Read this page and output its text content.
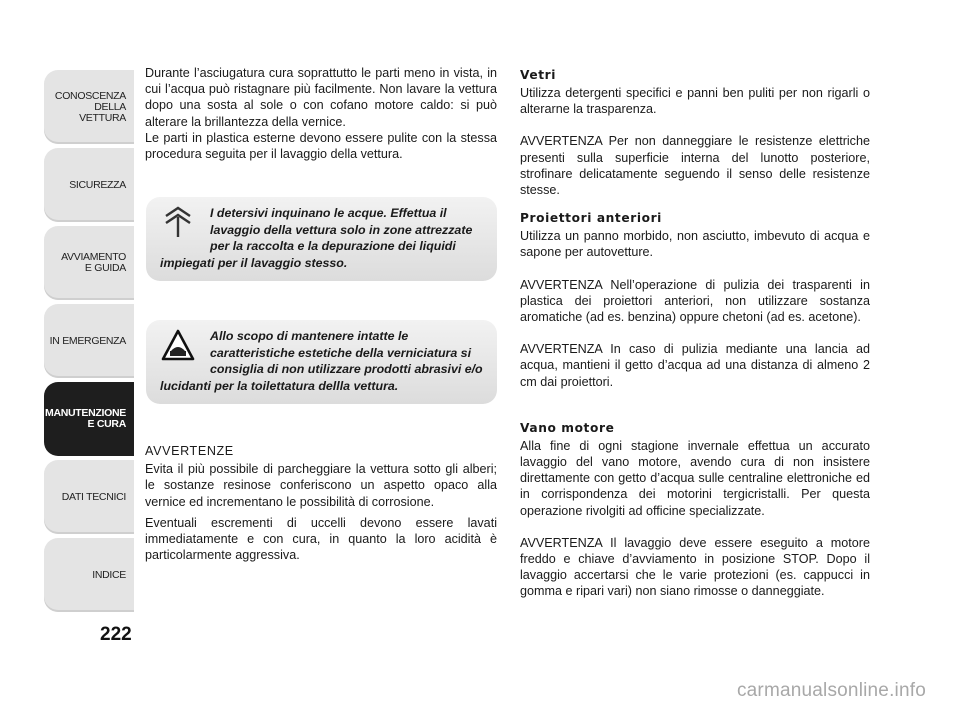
CONOSCENZA
DELLA
VETTURA
SICUREZZA
AVVIAMENTO
E GUIDA
IN EMERGENZA
MANUTENZIONE
E CURA
DATI TECNICI
INDICE
222

Durante l’asciugatura cura soprattutto le parti meno in vista, in cui l’acqua può ristagnare più facilmente. Non lavare la vettura dopo una sosta al sole o con cofano motore caldo: si può alterare la brillantezza della vernice.

Le parti in plastica esterne devono essere pulite con la stessa procedura seguita per il lavaggio della vettura.

I detersivi inquinano le acque. Effettua il lavaggio della vettura solo in zone attrezzate per la raccolta e la depurazione dei liquidi impiegati per il lavaggio stesso.

Allo scopo di mantenere intatte le caratteristiche estetiche della verniciatura si consiglia di non utilizzare prodotti abrasivi e/o lucidanti per la toilettatura dellla vettura.

AVVERTENZE

Evita il più possibile di parcheggiare la vettura sotto gli alberi; le sostanze resinose conferiscono un aspetto opaco alla vernice ed incrementano le possibilità di corrosione.

Eventuali escrementi di uccelli devono essere lavati immediatamente e con cura, in quanto la loro acidità è particolarmente aggressiva.

Vetri

Utilizza detergenti specifici e panni ben puliti per non rigarli o alterarne la trasparenza.

AVVERTENZA Per non danneggiare le resistenze elettriche presenti sulla superficie interna del lunotto posteriore, strofinare delicatamente seguendo il senso delle resistenze stesse.

Proiettori anteriori

Utilizza un panno morbido, non asciutto, imbevuto di acqua e sapone per autovetture.

AVVERTENZA Nell’operazione di pulizia dei trasparenti in plastica dei proiettori anteriori, non utilizzare sostanza aromatiche (ad es. benzina) oppure chetoni (ad es. acetone).

AVVERTENZA In caso di pulizia mediante una lancia ad acqua, mantieni il getto d’acqua ad una distanza di almeno 2 cm dai proiettori.

Vano motore

Alla fine di ogni stagione invernale effettua un accurato lavaggio del vano motore, avendo cura di non insistere direttamente con getto d’acqua sulle centraline elettroniche ed in corrispondenza dei motorini tergicristalli. Per questa operazione rivolgiti ad officine specializzate.

AVVERTENZA Il lavaggio deve essere eseguito a motore freddo e chiave d’avviamento in posizione STOP. Dopo il lavaggio accertarsi che le varie protezioni (es. cappucci in gomma e ripari vari) non siano rimosse o danneggiate.

carmanualsonline.info
